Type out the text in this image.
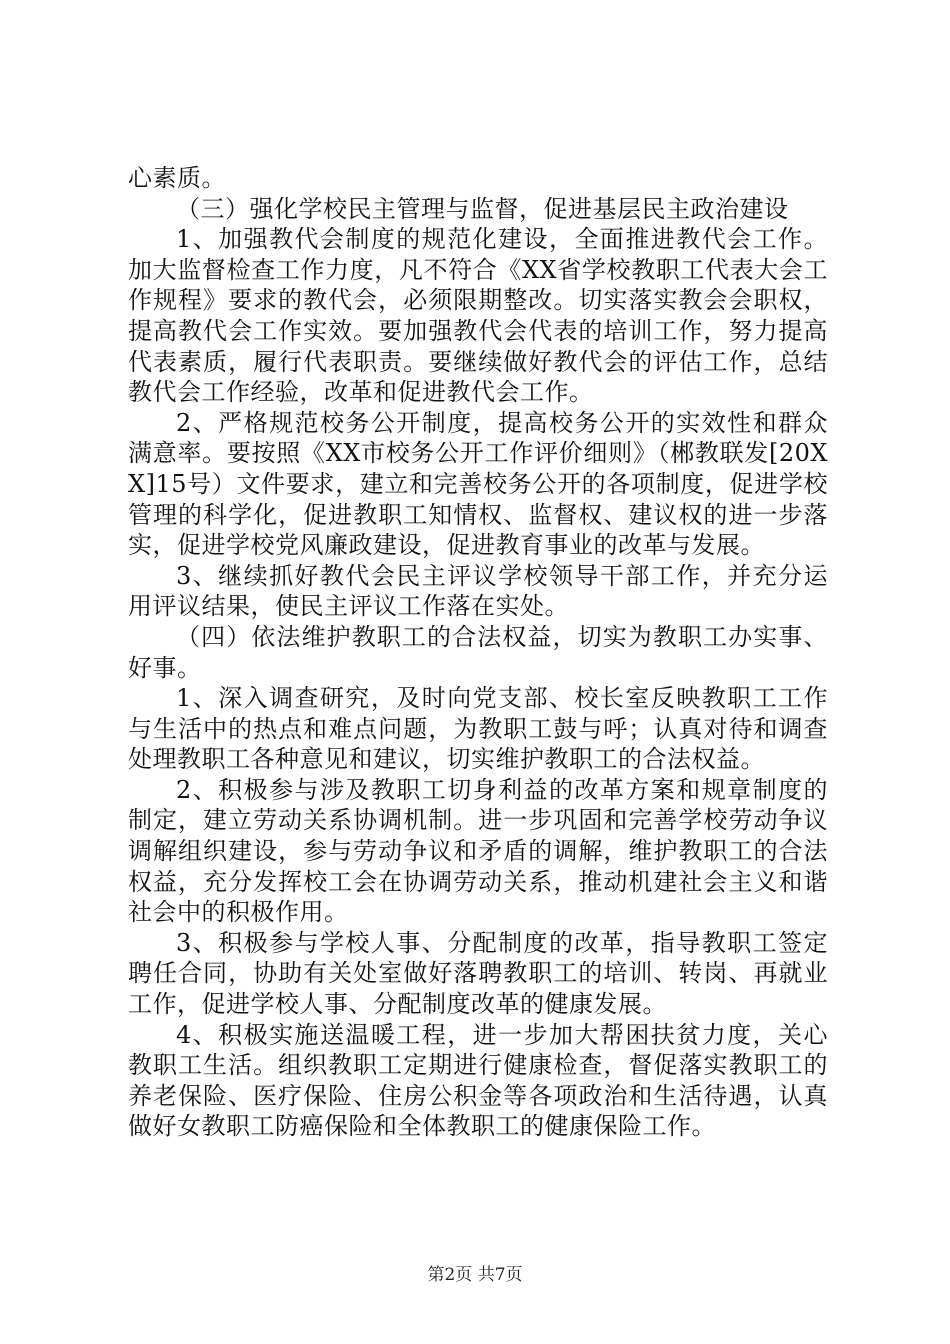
心素质。

（三）强化学校民主管理与监督，促进基层民主政治建设

1、加强教代会制度的规范化建设，全面推进教代会工作。加大监督检查工作力度，凡不符合《XX省学校教职工代表大会工作规程》要求的教代会，必须限期整改。切实落实教会会职权，提高教代会工作实效。要加强教代会代表的培训工作，努力提高代表素质，履行代表职责。要继续做好教代会的评估工作，总结教代会工作经验，改革和促进教代会工作。

2、严格规范校务公开制度，提高校务公开的实效性和群众满意率。要按照《XX市校务公开工作评价细则》（郴教联发[20XX]15号）文件要求，建立和完善校务公开的各项制度，促进学校管理的科学化，促进教职工知情权、监督权、建议权的进一步落实，促进学校党风廉政建设，促进教育事业的改革与发展。

3、继续抓好教代会民主评议学校领导干部工作，并充分运用评议结果，使民主评议工作落在实处。

（四）依法维护教职工的合法权益，切实为教职工办实事、好事。

1、深入调查研究，及时向党支部、校长室反映教职工工作与生活中的热点和难点问题，为教职工鼓与呼；认真对待和调查处理教职工各种意见和建议，切实维护教职工的合法权益。

2、积极参与涉及教职工切身利益的改革方案和规章制度的制定，建立劳动关系协调机制。进一步巩固和完善学校劳动争议调解组织建设，参与劳动争议和矛盾的调解，维护教职工的合法权益，充分发挥校工会在协调劳动关系，推动机建社会主义和谐社会中的积极作用。

3、积极参与学校人事、分配制度的改革，指导教职工签定聘任合同，协助有关处室做好落聘教职工的培训、转岗、再就业工作，促进学校人事、分配制度改革的健康发展。

4、积极实施送温暖工程，进一步加大帮困扶贫力度，关心教职工生活。组织教职工定期进行健康检查，督促落实教职工的养老保险、医疗保险、住房公积金等各项政治和生活待遇，认真做好女教职工防癌保险和全体教职工的健康保险工作。

第2页 共7页
